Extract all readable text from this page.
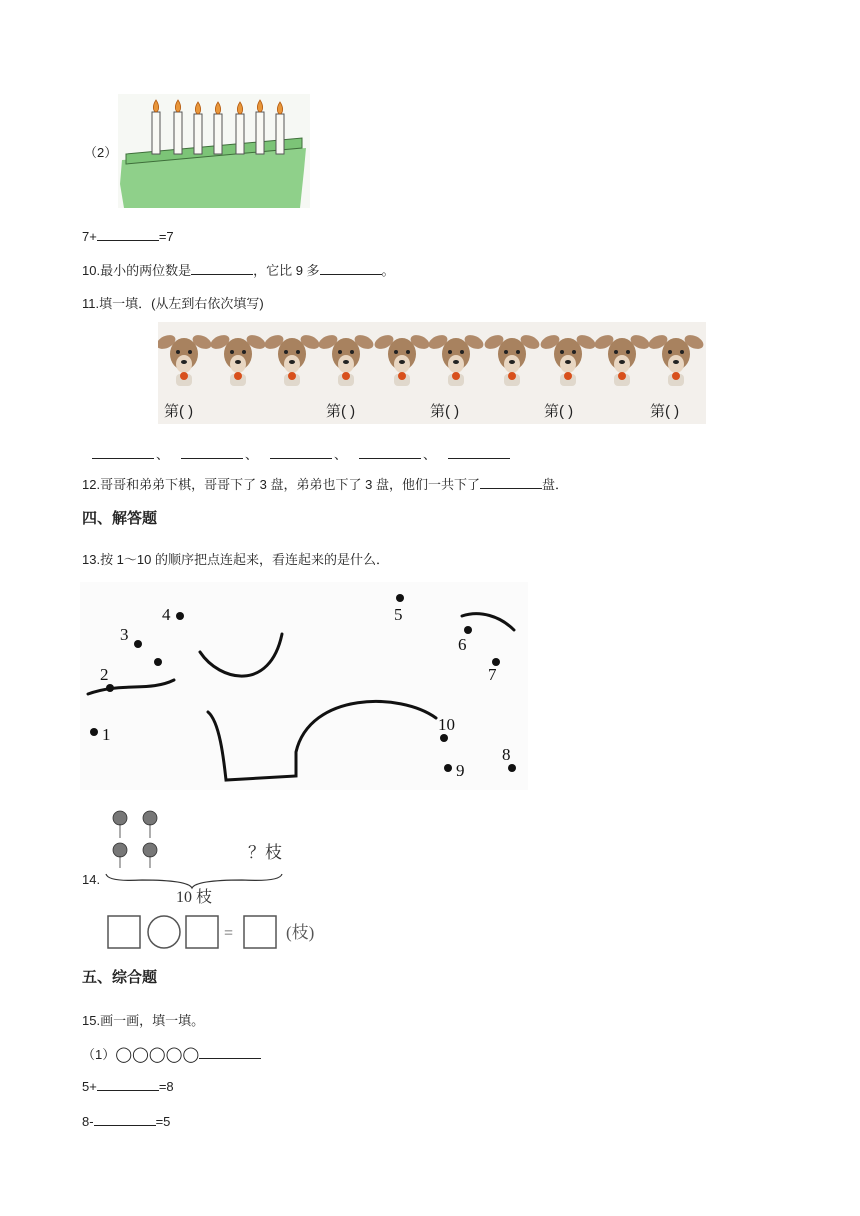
（2）
7+	=7
10.最小的两位数是	，它比 9 多	。
11.填一填．(从左到右依次填写)
第( )	第( )	第( )	第( )	第( )
、	、	、	、
12.哥哥和弟弟下棋，哥哥下了 3 盘，弟弟也下了 3 盘，他们一共下了	盘．
四、解答题
13.按 1～10 的顺序把点连起来，看连起来的是什么．
1
2
3
4	5
6
7
8
9
10
14.
？枝
10 枝
=	(枝)
五、综合题
15.画一画，填一填。
（1）◯◯◯◯◯
5+	=8
8-	=5
